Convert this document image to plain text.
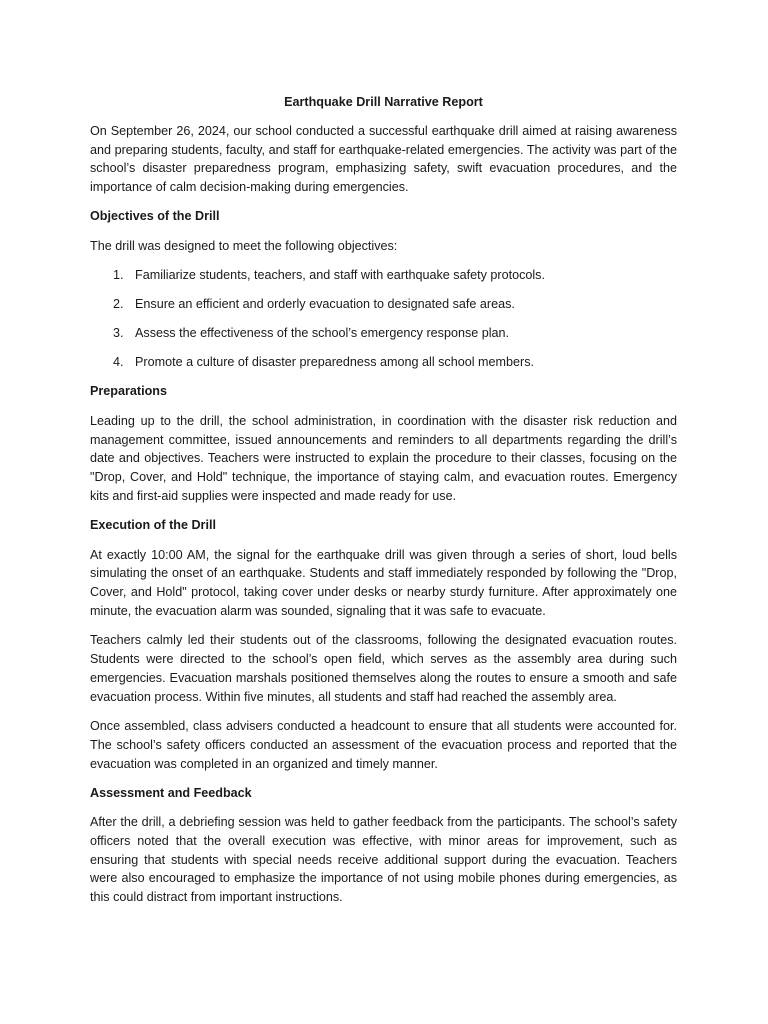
Earthquake Drill Narrative Report

On September 26, 2024, our school conducted a successful earthquake drill aimed at raising awareness and preparing students, faculty, and staff for earthquake-related emergencies. The activity was part of the school’s disaster preparedness program, emphasizing safety, swift evacuation procedures, and the importance of calm decision-making during emergencies.

Objectives of the Drill

The drill was designed to meet the following objectives:

1. Familiarize students, teachers, and staff with earthquake safety protocols.
2. Ensure an efficient and orderly evacuation to designated safe areas.
3. Assess the effectiveness of the school’s emergency response plan.
4. Promote a culture of disaster preparedness among all school members.
Preparations

Leading up to the drill, the school administration, in coordination with the disaster risk reduction and management committee, issued announcements and reminders to all departments regarding the drill’s date and objectives. Teachers were instructed to explain the procedure to their classes, focusing on the "Drop, Cover, and Hold" technique, the importance of staying calm, and evacuation routes. Emergency kits and first-aid supplies were inspected and made ready for use.

Execution of the Drill

At exactly 10:00 AM, the signal for the earthquake drill was given through a series of short, loud bells simulating the onset of an earthquake. Students and staff immediately responded by following the "Drop, Cover, and Hold" protocol, taking cover under desks or nearby sturdy furniture. After approximately one minute, the evacuation alarm was sounded, signaling that it was safe to evacuate.

Teachers calmly led their students out of the classrooms, following the designated evacuation routes. Students were directed to the school’s open field, which serves as the assembly area during such emergencies. Evacuation marshals positioned themselves along the routes to ensure a smooth and safe evacuation process. Within five minutes, all students and staff had reached the assembly area.

Once assembled, class advisers conducted a headcount to ensure that all students were accounted for. The school’s safety officers conducted an assessment of the evacuation process and reported that the evacuation was completed in an organized and timely manner.

Assessment and Feedback

After the drill, a debriefing session was held to gather feedback from the participants. The school’s safety officers noted that the overall execution was effective, with minor areas for improvement, such as ensuring that students with special needs receive additional support during the evacuation. Teachers were also encouraged to emphasize the importance of not using mobile phones during emergencies, as this could distract from important instructions.
